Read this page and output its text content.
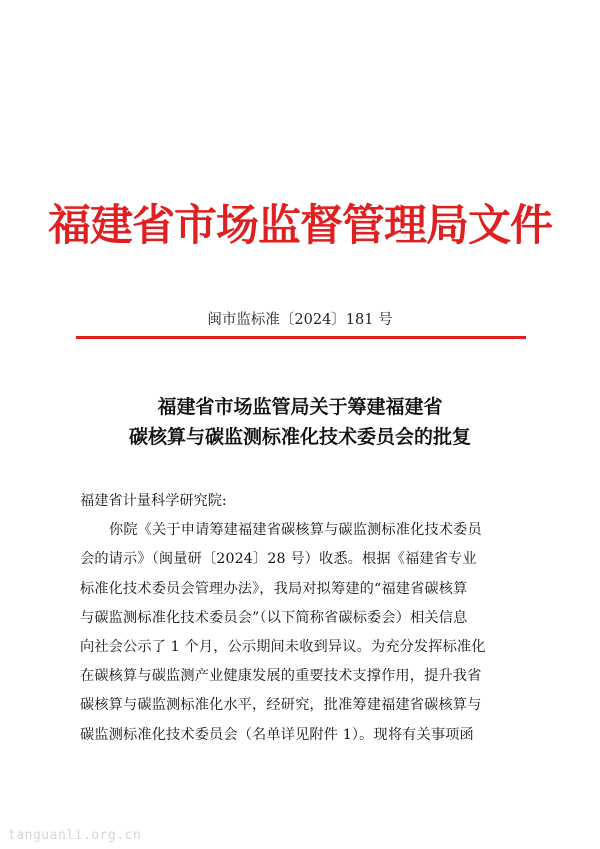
福建省市场监督管理局文件
闽市监标准〔2024〕181 号
福建省市场监管局关于筹建福建省
碳核算与碳监测标准化技术委员会的批复
福建省计量科学研究院:
你院《关于申请筹建福建省碳核算与碳监测标准化技术委员
会的请示》（闽量研〔2024〕28 号）收悉。根据《福建省专业
标准化技术委员会管理办法》，我局对拟筹建的“福建省碳核算
与碳监测标准化技术委员会”（以下简称省碳标委会）相关信息
向社会公示了 1 个月，公示期间未收到异议。为充分发挥标准化
在碳核算与碳监测产业健康发展的重要技术支撑作用，提升我省
碳核算与碳监测标准化水平，经研究，批准筹建福建省碳核算与
碳监测标准化技术委员会（名单详见附件 1）。现将有关事项函
tanguanli.org.cn
